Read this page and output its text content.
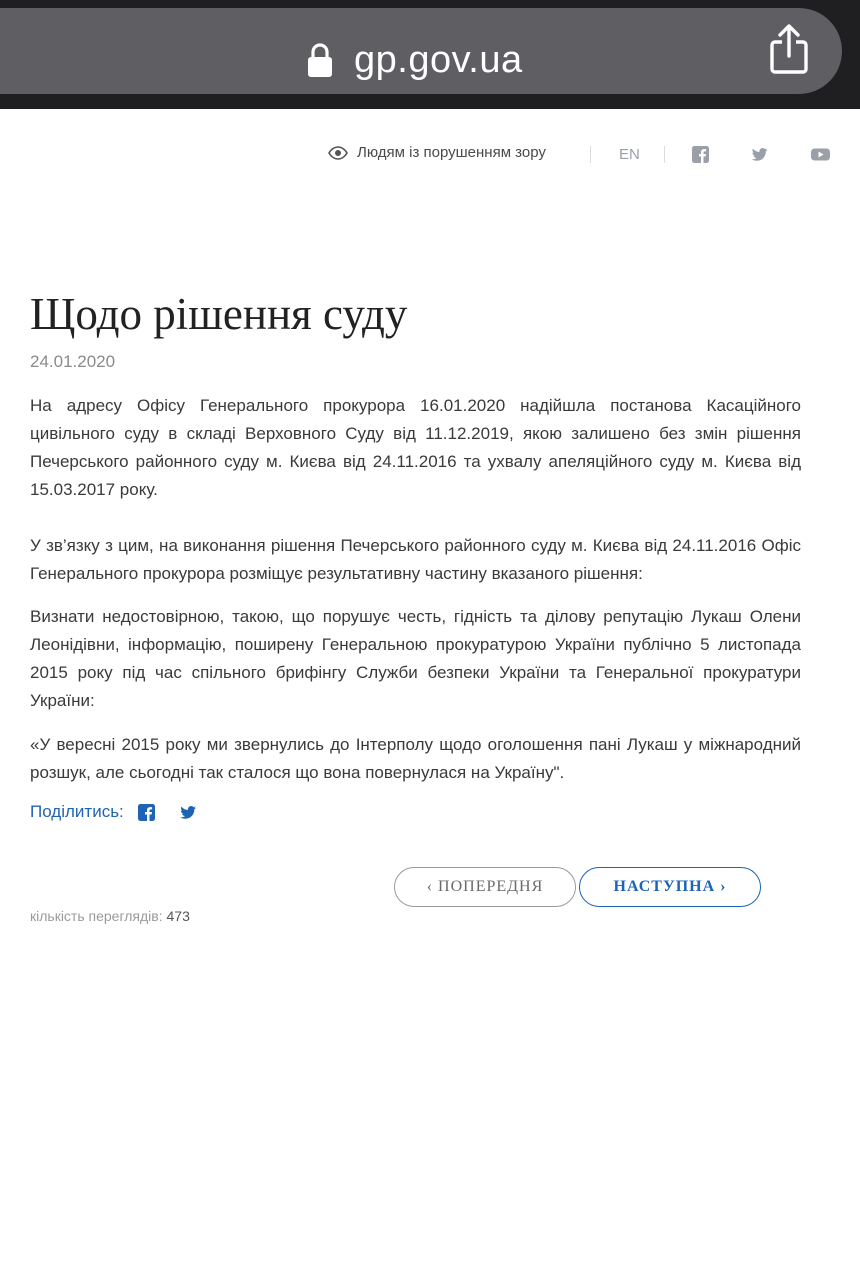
gp.gov.ua
Людям із порушенням зору	EN
Щодо рішення суду
24.01.2020

На адресу Офісу Генерального прокурора 16.01.2020 надійшла постанова Касаційного цивільного суду в складі Верховного Суду від 11.12.2019, якою залишено без змін рішення Печерського районного суду м. Києва від 24.11.2016 та ухвалу апеляційного суду м. Києва від 15.03.2017 року.

У зв’язку з цим, на виконання рішення Печерського районного суду м. Києва від 24.11.2016 Офіс Генерального прокурора розміщує результативну частину вказаного рішення:

Визнати недостовірною, такою, що порушує честь, гідність та ділову репутацію Лукаш Олени Леонідівни, інформацію, поширену Генеральною прокуратурою України публічно 5 листопада 2015 року під час спільного брифінгу Служби безпеки України та Генеральної прокуратури України:

«У вересні 2015 року ми звернулись до Інтерполу щодо оголошення пані Лукаш у міжнародний розшук, але сьогодні так сталося що вона повернулася на Україну".

Поділитись:
‹ ПОПЕРЕДНЯ	НАСТУПНА ›
кількість переглядів: 473
